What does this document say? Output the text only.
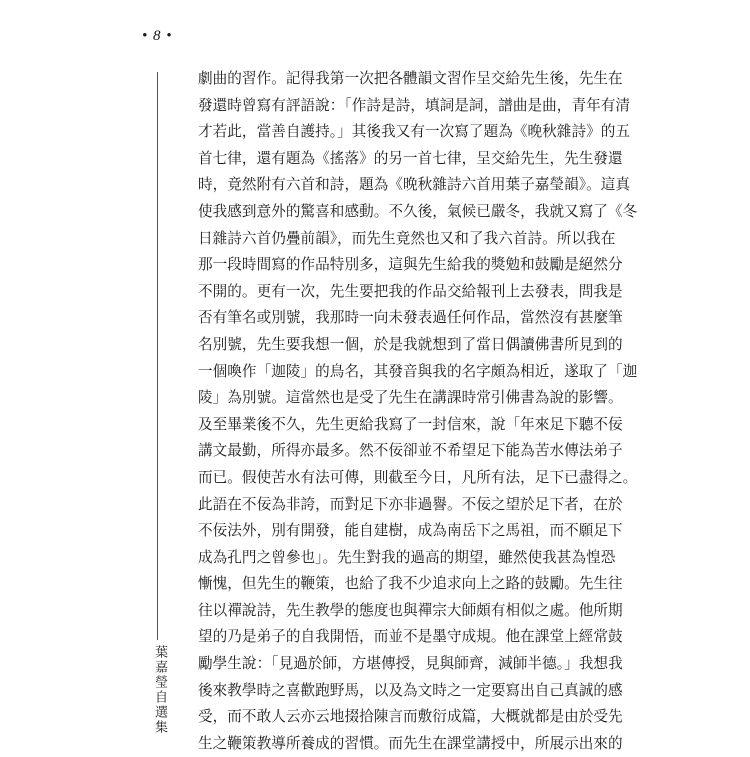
• 8 •
劇曲的習作。記得我第一次把各體韻文習作呈交給先生後，先生在
發還時曾寫有評語說：「作詩是詩，填詞是詞，譜曲是曲，青年有清
才若此，當善自護持。」其後我又有一次寫了題為《晚秋雜詩》的五
首七律，還有題為《搖落》的另一首七律，呈交給先生，先生發還
時，竟然附有六首和詩，題為《晚秋雜詩六首用葉子嘉瑩韻》。這真
使我感到意外的驚喜和感動。不久後，氣候已嚴冬，我就又寫了《冬
日雜詩六首仍疊前韻》，而先生竟然也又和了我六首詩。所以我在
那一段時間寫的作品特別多，這與先生給我的獎勉和鼓勵是絕然分
不開的。更有一次，先生要把我的作品交給報刊上去發表，問我是
否有筆名或別號，我那時一向未發表過任何作品，當然沒有甚麼筆
名別號，先生要我想一個，於是我就想到了當日偶讀佛書所見到的
一個喚作「迦陵」的鳥名，其發音與我的名字頗為相近，遂取了「迦
陵」為別號。這當然也是受了先生在講課時常引佛書為說的影響。
及至畢業後不久，先生更給我寫了一封信來，說「年來足下聽不佞
講文最勤，所得亦最多。然不佞卻並不希望足下能為苦水傳法弟子
而已。假使苦水有法可傳，則截至今日，凡所有法，足下已盡得之。
此語在不佞為非誇，而對足下亦非過譽。不佞之望於足下者，在於
不佞法外，別有開發，能自建樹，成為南岳下之馬祖，而不願足下
成為孔門之曾參也」。先生對我的過高的期望，雖然使我甚為惶恐
慚愧，但先生的鞭策，也給了我不少追求向上之路的鼓勵。先生往
往以禪說詩，先生教學的態度也與禪宗大師頗有相似之處。他所期
望的乃是弟子的自我開悟，而並不是墨守成規。他在課堂上經常鼓
勵學生說：「見過於師，方堪傳授，見與師齊，減師半德。」我想我
後來教學時之喜歡跑野馬，以及為文時之一定要寫出自己真誠的感
受，而不敢人云亦云地掇拾陳言而敷衍成篇，大概就都是由於受先
生之鞭策教導所養成的習慣。而先生在課堂講授中，所展示出來的
葉嘉瑩自選集
